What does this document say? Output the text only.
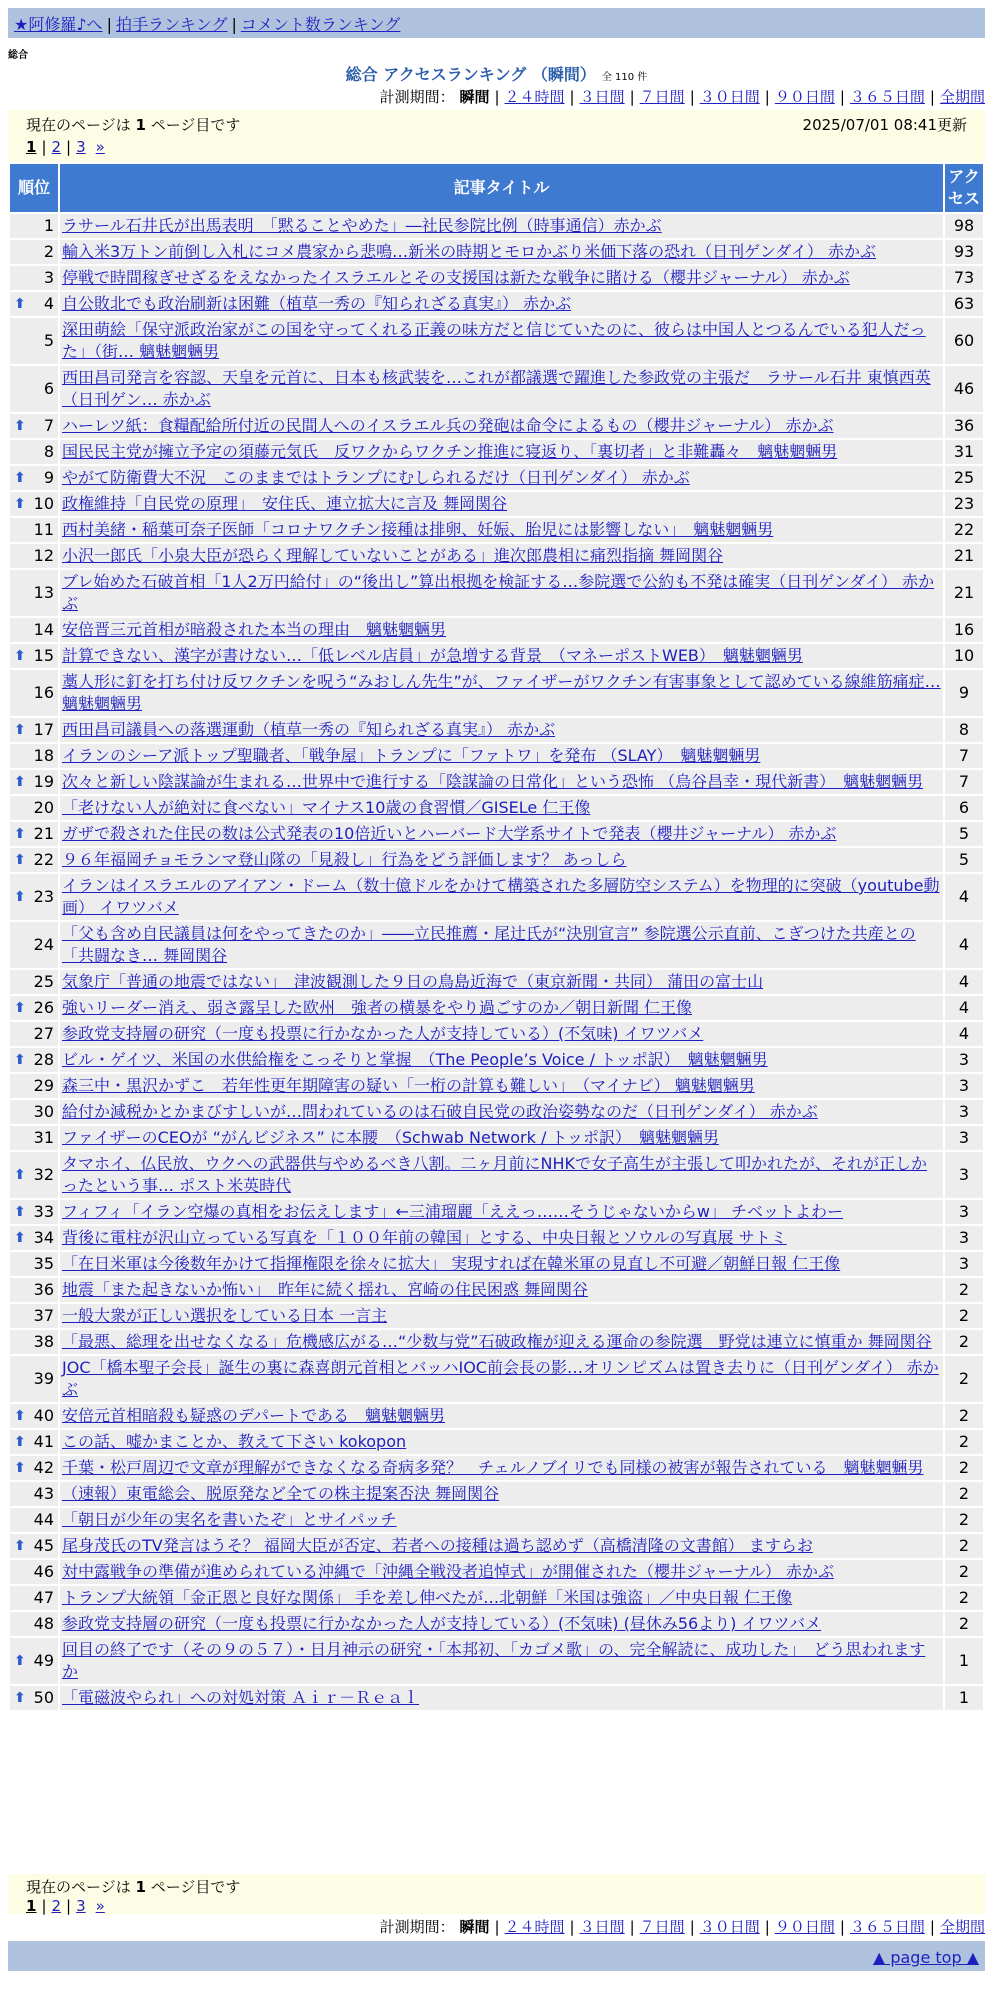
★阿修羅♪へ | 拍手ランキング | コメント数ランキング
総合
総合 アクセスランキング （瞬間） 全 110 件
計測期間： 瞬間 | ２４時間 | ３日間 | ７日間 | ３０日間 | ９０日間 | ３６５日間 | 全期間
現在のページは 1 ページ目です	2025/07/01 08:41更新
1 | 2 | 3 »
順位	記事タイトル	アクセス
1	ラサール石井氏が出馬表明　「黙ることやめた」―社民参院比例（時事通信）赤かぶ	98
2	輸入米3万トン前倒し入札にコメ農家から悲鳴…新米の時期とモロかぶり米価下落の恐れ（日刊ゲンダイ） 赤かぶ	93
3	停戦で時間稼ぎせざるをえなかったイスラエルとその支援国は新たな戦争に賭ける（櫻井ジャーナル） 赤かぶ	73

⬆ 4	自公敗北でも政治刷新は困難（植草一秀の『知られざる真実』） 赤かぶ	63
5	深田萌絵「保守派政治家がこの国を守ってくれる正義の味方だと信じていたのに、彼らは中国人とつるんでいる犯人だった」（街… 魑魅魍魎男	60
6	西田昌司発言を容認、天皇を元首に、日本も核武装を…これが都議選で躍進した参政党の主張だ　ラサール石井 東慎西英（日刊ゲン… 赤かぶ	46

⬆ 7	ハーレツ紙：食糧配給所付近の民間人へのイスラエル兵の発砲は命令によるもの（櫻井ジャーナル） 赤かぶ	36
8	国民民主党が擁立予定の須藤元気氏　反ワクからワクチン推進に寝返り、「裏切者」と非難轟々　魑魅魍魎男	31

⬆ 9	やがて防衛費大不況　このままではトランプにむしられるだけ（日刊ゲンダイ） 赤かぶ	25

⬆ 10	政権維持「自民党の原理」　安住氏、連立拡大に言及 舞岡関谷	23
11	西村美緒・稲葉可奈子医師「コロナワクチン接種は排卵、妊娠、胎児には影響しない」　魑魅魍魎男	22
12	小沢一郎氏「小泉大臣が恐らく理解していないことがある」進次郎農相に痛烈指摘 舞岡関谷	21
13	ブレ始めた石破首相「1人2万円給付」の“後出し”算出根拠を検証する…参院選で公約も不発は確実（日刊ゲンダイ） 赤かぶ	21
14	安倍晋三元首相が暗殺された本当の理由　魑魅魍魎男	16

⬆ 15	計算できない、漢字が書けない…「低レベル店員」が急増する背景　（マネーポストWEB）　魑魅魍魎男	10
16	藁人形に釘を打ち付け反ワクチンを呪う“みおしん先生”が、ファイザーがワクチン有害事象として認めている線維筋痛症… 魑魅魍魎男	9

⬆ 17	西田昌司議員への落選運動（植草一秀の『知られざる真実』） 赤かぶ	8
18	イランのシーア派トップ聖職者、「戦争屋」トランプに「ファトワ」を発布 （SLAY）　魑魅魍魎男	7

⬆ 19	次々と新しい陰謀論が生まれる…世界中で進行する「陰謀論の日常化」という恐怖 （烏谷昌幸・現代新書）　魑魅魍魎男	7
20	「老けない人が絶対に食べない」マイナス10歳の食習慣／GISELe 仁王像	6

⬆ 21	ガザで殺された住民の数は公式発表の10倍近いとハーバード大学系サイトで発表（櫻井ジャーナル） 赤かぶ	5

⬆ 22	９６年福岡チョモランマ登山隊の「見殺し」行為をどう評価します？ あっしら	5

⬆ 23	イランはイスラエルのアイアン・ドーム（数十億ドルをかけて構築された多層防空システム）を物理的に突破（youtube動画） イワツバメ	4
24	「父も含め自民議員は何をやってきたのか」――立民推薦・尾辻氏が“決別宣言” 参院選公示直前、こぎつけた共産との「共闘なき… 舞岡関谷	4
25	気象庁「普通の地震ではない」　津波観測した９日の鳥島近海で（東京新聞・共同） 蒲田の富士山	4

⬆ 26	強いリーダー消え、弱さ露呈した欧州　強者の横暴をやり過ごすのか／朝日新聞 仁王像	4
27	参政党支持層の研究（一度も投票に行かなかった人が支持している）(不気味) イワツバメ	4

⬆ 28	ビル・ゲイツ、米国の水供給権をこっそりと掌握　（The People’s Voice / トッポ訳）　魑魅魍魎男	3
29	森三中・黒沢かずこ　若年性更年期障害の疑い「一桁の計算も難しい」　（マイナビ） 魑魅魍魎男	3
30	給付か減税かとかまびすしいが…問われているのは石破自民党の政治姿勢なのだ（日刊ゲンダイ） 赤かぶ	3
31	ファイザーのCEOが “がんビジネス” に本腰　（Schwab Network / トッポ訳）　魑魅魍魎男	3

⬆ 32	タマホイ、仏民放、ウクへの武器供与やめるべき八割。二ヶ月前にNHKで女子高生が主張して叩かれたが、それが正しかったという事… ポスト米英時代	3

⬆ 33	フィフィ「イラン空爆の真相をお伝えします」←三浦瑠麗「ええっ……そうじゃないからw」 チベットよわー	3

⬆ 34	背後に電柱が沢山立っている写真を「１００年前の韓国」とする、中央日報とソウルの写真展 サトミ	3
35	「在日米軍は今後数年かけて指揮権限を徐々に拡大」 実現すれば在韓米軍の見直し不可避／朝鮮日報 仁王像	3
36	地震「また起きないか怖い」　昨年に続く揺れ、宮崎の住民困惑 舞岡関谷	2
37	一般大衆が正しい選択をしている日本 一言主	2
38	「最悪、総理を出せなくなる」危機感広がる…“少数与党”石破政権が迎える運命の参院選　野党は連立に慎重か 舞岡関谷	2
39	JOC「橋本聖子会長」誕生の裏に森喜朗元首相とバッハIOC前会長の影…オリンピズムは置き去りに（日刊ゲンダイ） 赤かぶ	2

⬆ 40	安倍元首相暗殺も疑惑のデパートである　魑魅魍魎男	2

⬆ 41	この話、嘘かまことか、教えて下さい kokopon	2

⬆ 42	千葉・松戸周辺で文章が理解ができなくなる奇病多発？　チェルノブイリでも同様の被害が報告されている　魑魅魍魎男	2
43	（速報）東電総会、脱原発など全ての株主提案否決 舞岡関谷	2
44	「朝日が少年の実名を書いたぞ」とサイパッチ	2

⬆ 45	尾身茂氏のTV発言はうそ？ 福岡大臣が否定、若者への接種は過ち認めず（高橋清隆の文書館） ますらお	2
46	対中露戦争の準備が進められている沖縄で「沖縄全戦没者追悼式」が開催された（櫻井ジャーナル） 赤かぶ	2
47	トランプ大統領「金正恩と良好な関係」 手を差し伸べたが…北朝鮮「米国は強盗」／中央日報 仁王像	2
48	参政党支持層の研究（一度も投票に行かなかった人が支持している）(不気味) (昼休み56より) イワツバメ	2

⬆ 49	回目の終了です（その９の５７）・日月神示の研究・「本邦初、「カゴメ歌」の、完全解読に、成功した」　どう思われますか	1

⬆ 50	「電磁波やられ」への対処対策 Ａｉｒ－Ｒｅａｌ	1
現在のページは 1 ページ目です
1 | 2 | 3 »
計測期間： 瞬間 | ２４時間 | ３日間 | ７日間 | ３０日間 | ９０日間 | ３６５日間 | 全期間
▲ page top ▲
